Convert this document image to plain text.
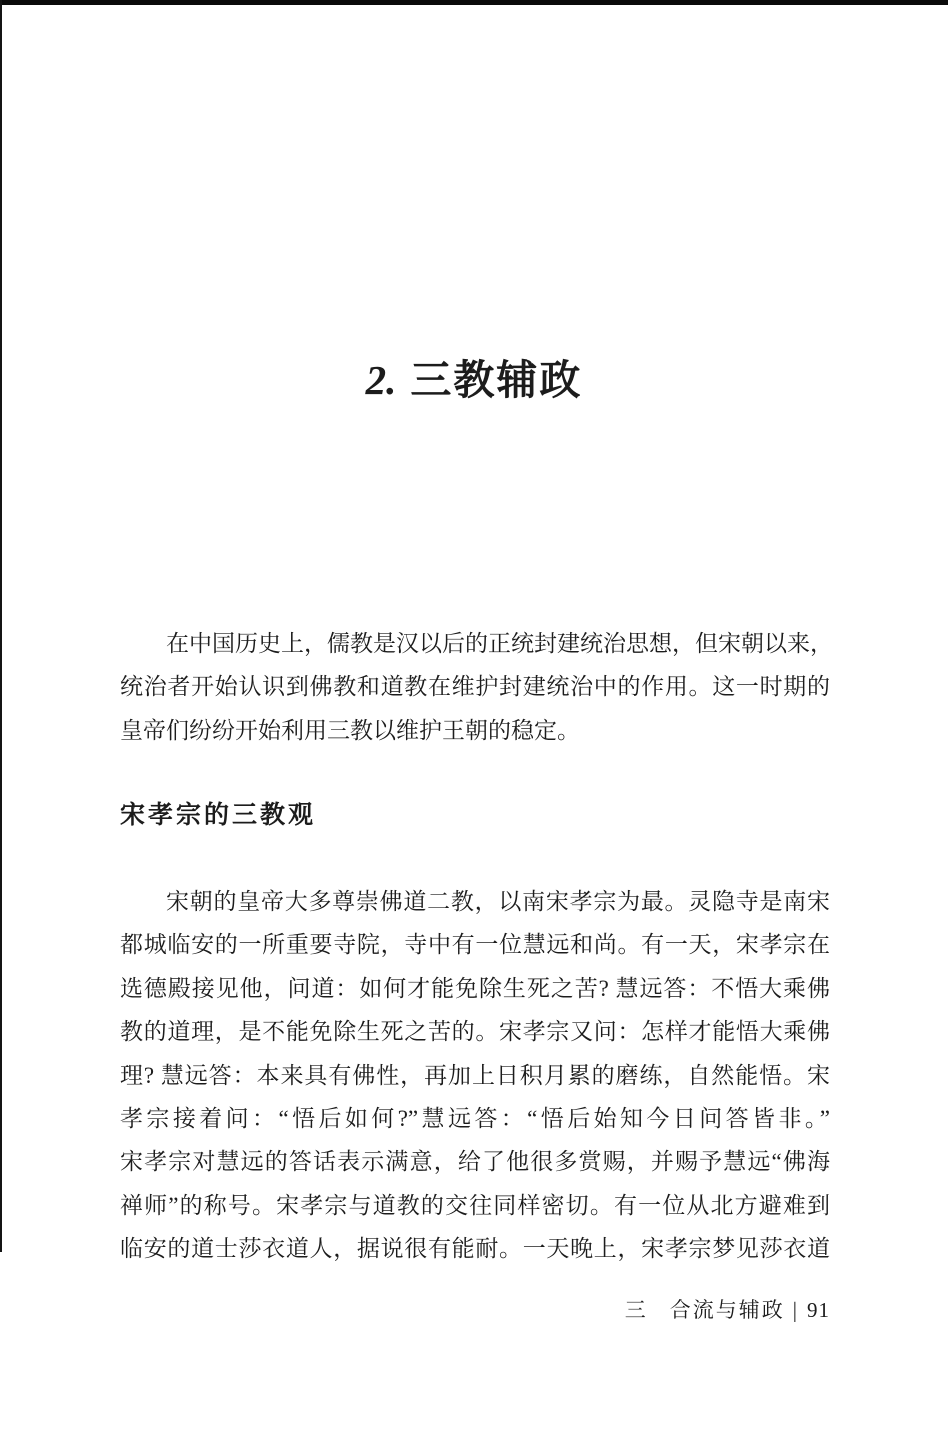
2. 三教辅政
在中国历史上，儒教是汉以后的正统封建统治思想，但宋朝以来，
统治者开始认识到佛教和道教在维护封建统治中的作用。这一时期的
皇帝们纷纷开始利用三教以维护王朝的稳定。
宋孝宗的三教观
宋朝的皇帝大多尊崇佛道二教，以南宋孝宗为最。灵隐寺是南宋
都城临安的一所重要寺院，寺中有一位慧远和尚。有一天，宋孝宗在
选德殿接见他，问道：如何才能免除生死之苦? 慧远答：不悟大乘佛
教的道理，是不能免除生死之苦的。宋孝宗又问：怎样才能悟大乘佛
理? 慧远答：本来具有佛性，再加上日积月累的磨练，自然能悟。宋
孝宗接着问：“悟后如何?”慧远答：“悟后始知今日问答皆非。”
宋孝宗对慧远的答话表示满意，给了他很多赏赐，并赐予慧远“佛海
禅师”的称号。宋孝宗与道教的交往同样密切。有一位从北方避难到
临安的道士莎衣道人，据说很有能耐。一天晚上，宋孝宗梦见莎衣道
三 合流与辅政 | 91
